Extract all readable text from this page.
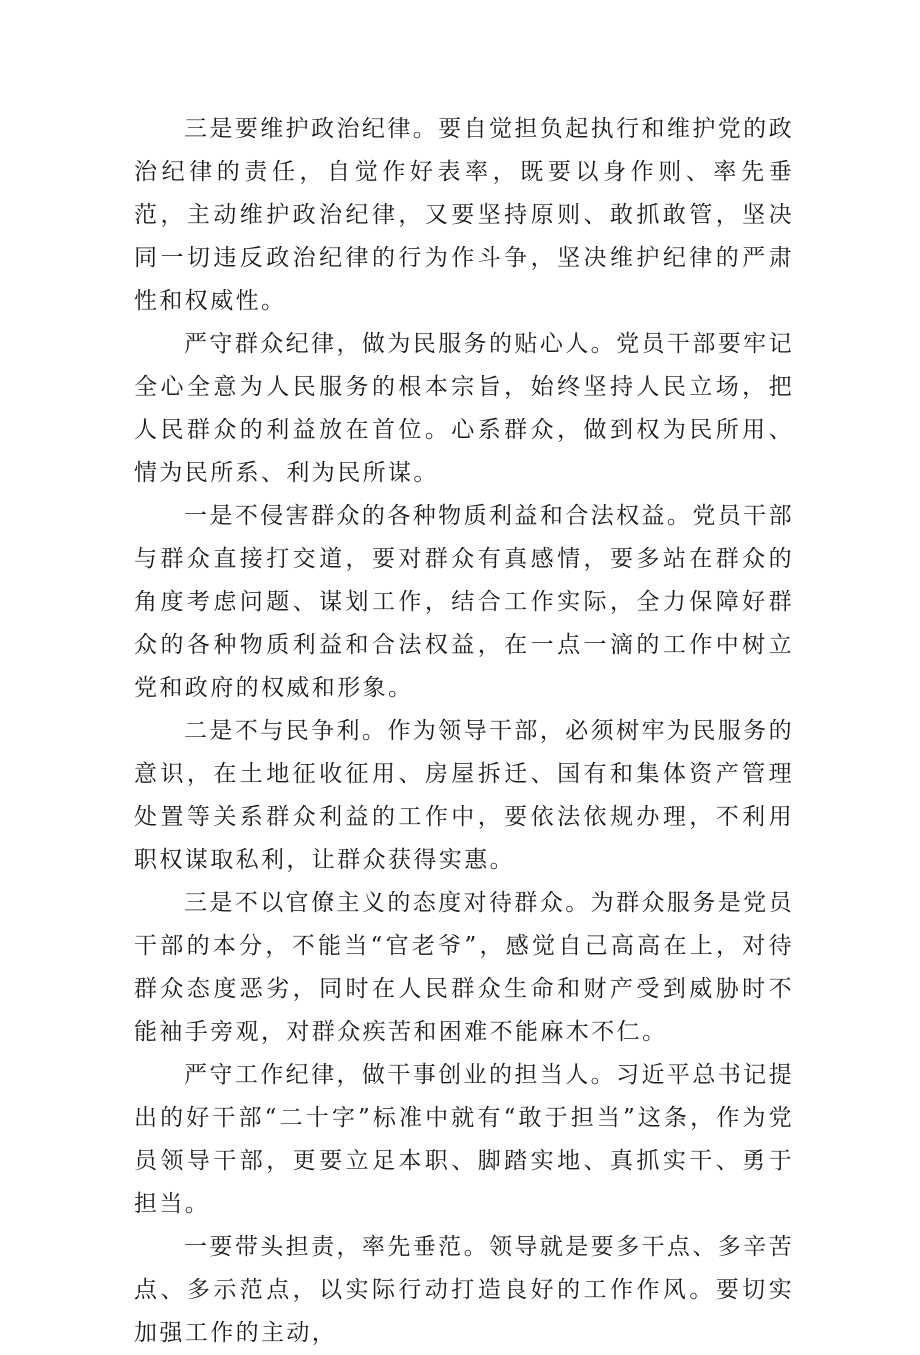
三是要维护政治纪律。要自觉担负起执行和维护党的政治纪律的责任，自觉作好表率，既要以身作则、率先垂范，主动维护政治纪律，又要坚持原则、敢抓敢管，坚决同一切违反政治纪律的行为作斗争，坚决维护纪律的严肃性和权威性。

严守群众纪律，做为民服务的贴心人。党员干部要牢记全心全意为人民服务的根本宗旨，始终坚持人民立场，把人民群众的利益放在首位。心系群众，做到权为民所用、情为民所系、利为民所谋。

一是不侵害群众的各种物质利益和合法权益。党员干部与群众直接打交道，要对群众有真感情，要多站在群众的角度考虑问题、谋划工作，结合工作实际，全力保障好群众的各种物质利益和合法权益，在一点一滴的工作中树立党和政府的权威和形象。

二是不与民争利。作为领导干部，必须树牢为民服务的意识，在土地征收征用、房屋拆迁、国有和集体资产管理处置等关系群众利益的工作中，要依法依规办理，不利用职权谋取私利，让群众获得实惠。

三是不以官僚主义的态度对待群众。为群众服务是党员干部的本分，不能当“官老爷”，感觉自己高高在上，对待群众态度恶劣，同时在人民群众生命和财产受到威胁时不能袖手旁观，对群众疾苦和困难不能麻木不仁。

严守工作纪律，做干事创业的担当人。习近平总书记提出的好干部“二十字”标准中就有“敢于担当”这条，作为党员领导干部，更要立足本职、脚踏实地、真抓实干、勇于担当。

一要带头担责，率先垂范。领导就是要多干点、多辛苦点、多示范点，以实际行动打造良好的工作作风。要切实加强工作的主动，
